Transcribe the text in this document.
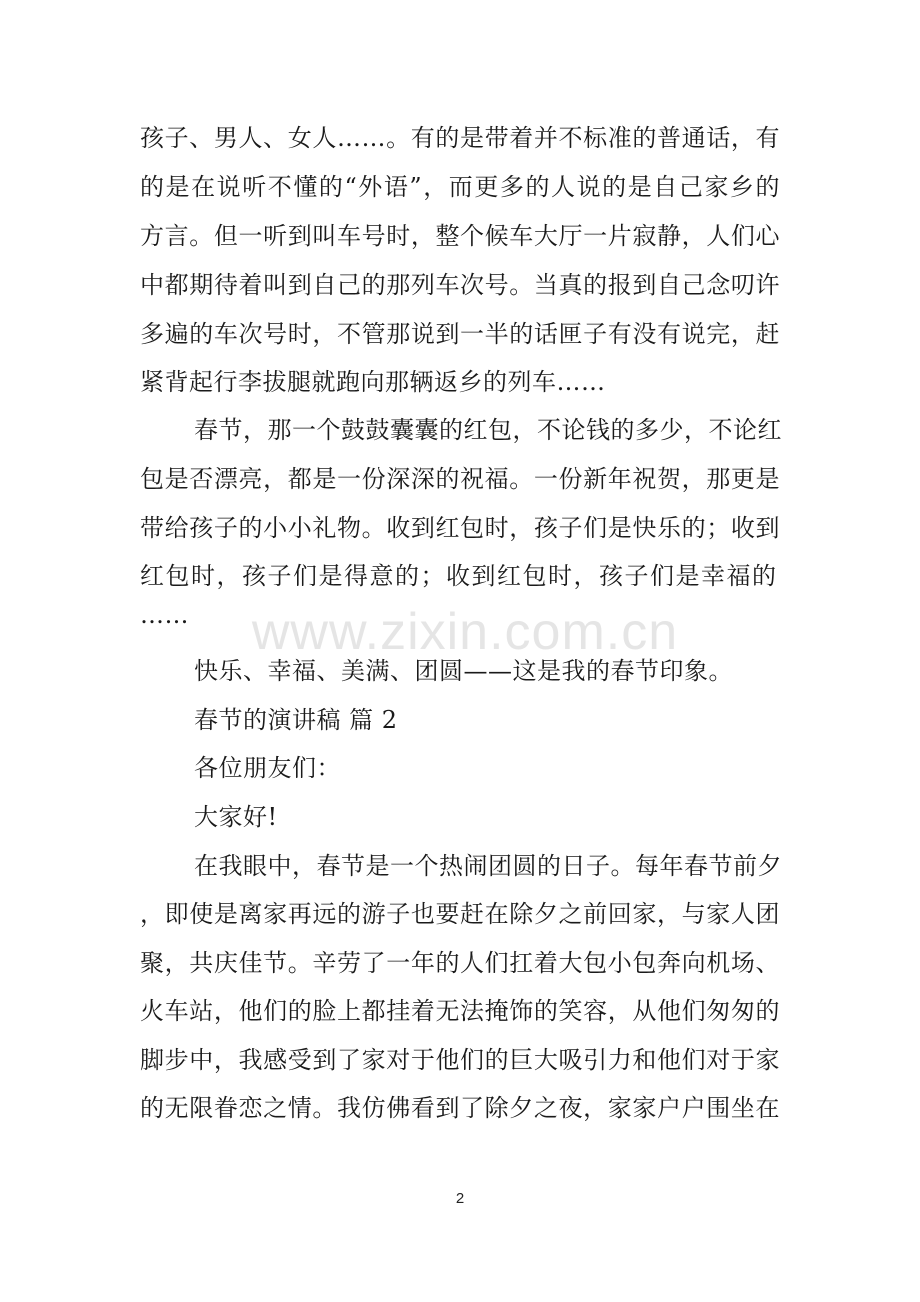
www.zixin.com.cn
孩子、男人、女人……。有的是带着并不标准的普通话，有
的是在说听不懂的“外语”，而更多的人说的是自己家乡的
方言。但一听到叫车号时，整个候车大厅一片寂静，人们心
中都期待着叫到自己的那列车次号。当真的报到自己念叨许
多遍的车次号时，不管那说到一半的话匣子有没有说完，赶
紧背起行李拔腿就跑向那辆返乡的列车……
春节，那一个鼓鼓囊囊的红包，不论钱的多少，不论红
包是否漂亮，都是一份深深的祝福。一份新年祝贺，那更是
带给孩子的小小礼物。收到红包时，孩子们是快乐的；收到
红包时，孩子们是得意的；收到红包时，孩子们是幸福的
……
快乐、幸福、美满、团圆——这是我的春节印象。
春节的演讲稿 篇 2
各位朋友们：
大家好!
在我眼中，春节是一个热闹团圆的日子。每年春节前夕
，即使是离家再远的游子也要赶在除夕之前回家，与家人团
聚，共庆佳节。辛劳了一年的人们扛着大包小包奔向机场、
火车站，他们的脸上都挂着无法掩饰的笑容，从他们匆匆的
脚步中，我感受到了家对于他们的巨大吸引力和他们对于家
的无限眷恋之情。我仿佛看到了除夕之夜，家家户户围坐在
2
